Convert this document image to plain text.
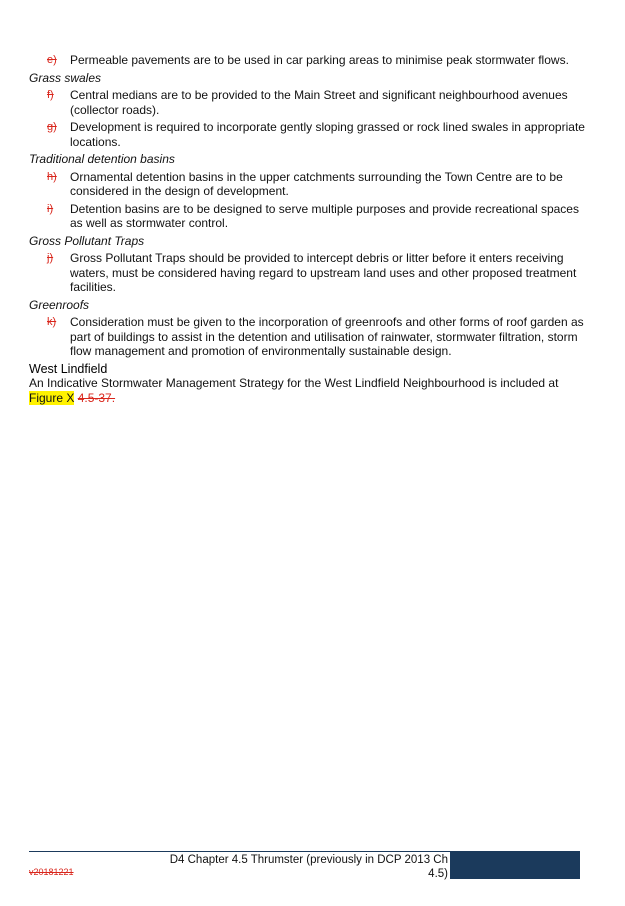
e) Permeable pavements are to be used in car parking areas to minimise peak stormwater flows.
Grass swales
f) Central medians are to be provided to the Main Street and significant neighbourhood avenues (collector roads).
g) Development is required to incorporate gently sloping grassed or rock lined swales in appropriate locations.
Traditional detention basins
h) Ornamental detention basins in the upper catchments surrounding the Town Centre are to be considered in the design of development.
i) Detention basins are to be designed to serve multiple purposes and provide recreational spaces as well as stormwater control.
Gross Pollutant Traps
j) Gross Pollutant Traps should be provided to intercept debris or litter before it enters receiving waters, must be considered having regard to upstream land uses and other proposed treatment facilities.
Greenroofs
k) Consideration must be given to the incorporation of greenroofs and other forms of roof garden as part of buildings to assist in the detention and utilisation of rainwater, stormwater filtration, storm flow management and promotion of environmentally sustainable design.
West Lindfield

An Indicative Stormwater Management Strategy for the West Lindfield Neighbourhood is included at
Figure X 4.5-37.

v20181221
D4 Chapter 4.5 Thrumster (previously in DCP 2013 Ch 4.5)
